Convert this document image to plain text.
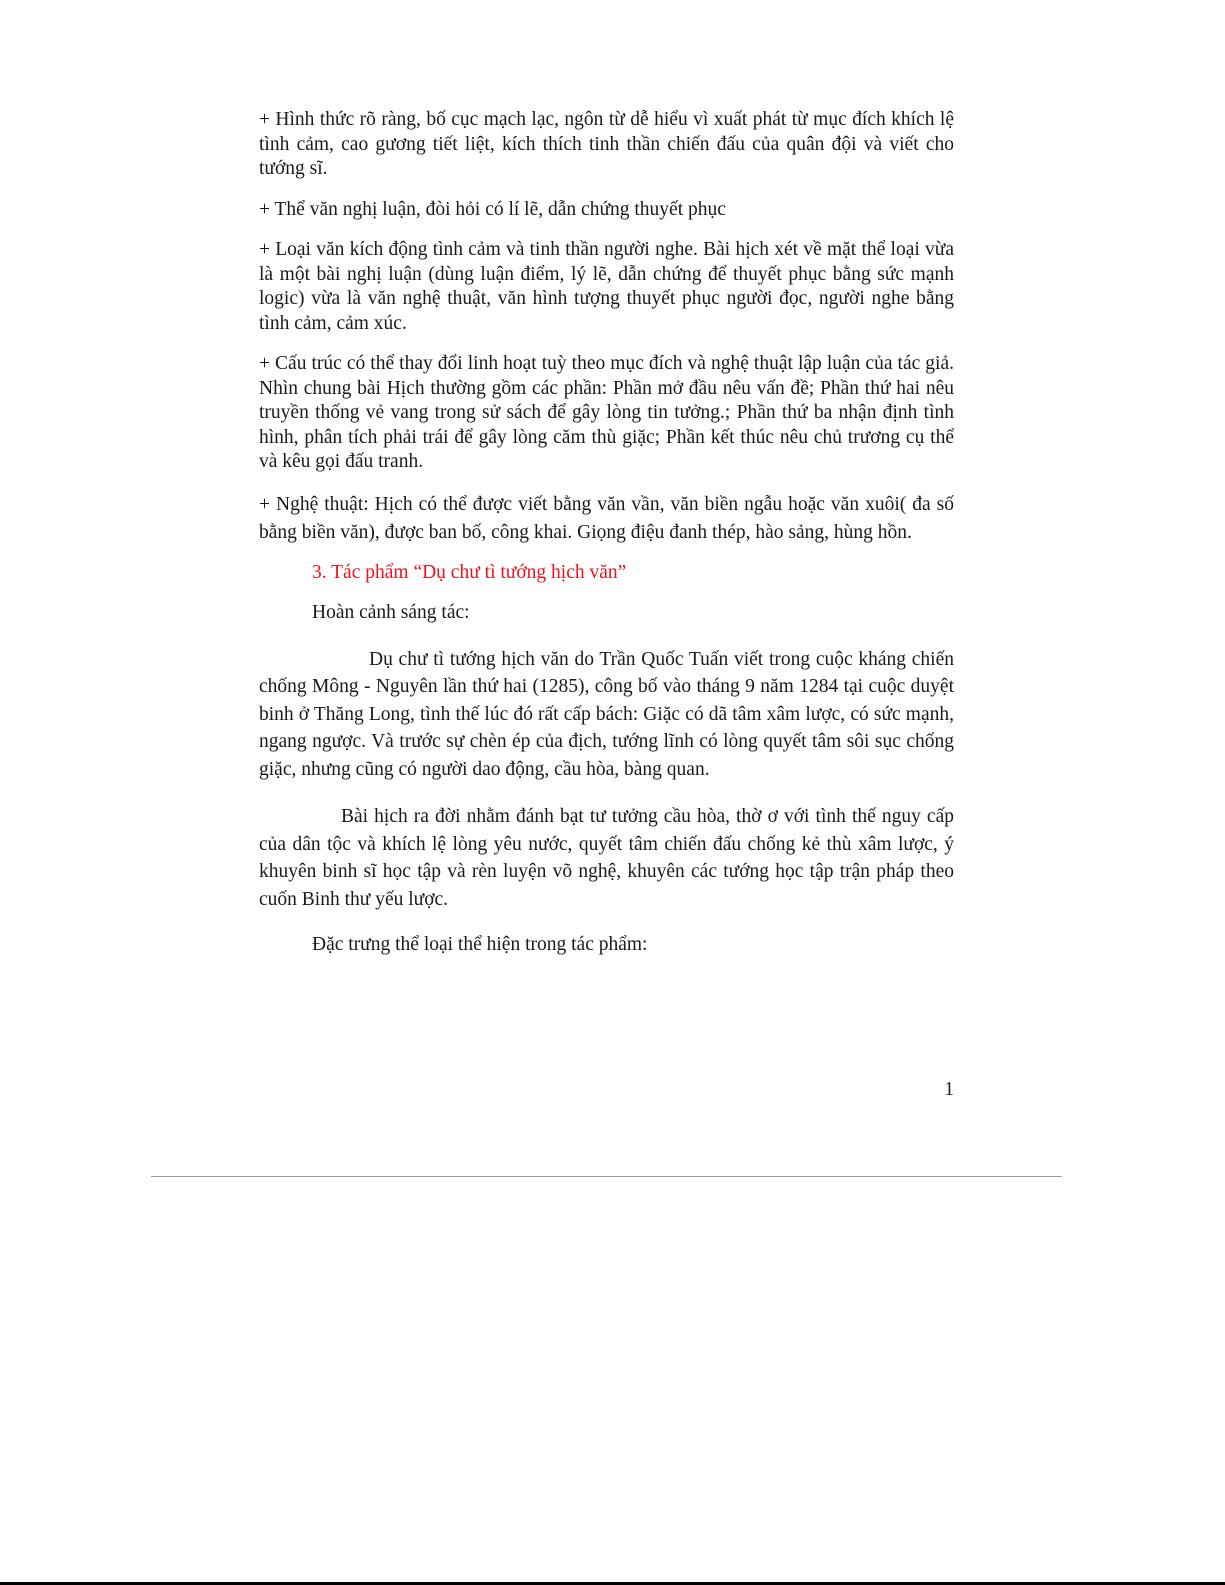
+ Hình thức rõ ràng, bố cục mạch lạc, ngôn từ dễ hiểu vì xuất phát từ mục đích khích lệ tình cảm, cao gương tiết liệt, kích thích tinh thần chiến đấu của quân đội và viết cho tướng sĩ.

+ Thể văn nghị luận, đòi hỏi có lí lẽ, dẫn chứng thuyết phục

+ Loại văn kích động tình cảm và tinh thần người nghe. Bài hịch xét về mặt thể loại vừa là một bài nghị luận (dùng luận điểm, lý lẽ, dẫn chứng để thuyết phục bằng sức mạnh logic) vừa là văn nghệ thuật, văn hình tượng thuyết phục người đọc, người nghe bằng tình cảm, cảm xúc.

+ Cấu trúc có thể thay đổi linh hoạt tuỳ theo mục đích và nghệ thuật lập luận của tác giả. Nhìn chung bài Hịch thường gồm các phần: Phần mở đầu nêu vấn đề; Phần thứ hai nêu truyền thống vẻ vang trong sử sách để gây lòng tin tưởng.; Phần thứ ba nhận định tình hình, phân tích phải trái để gây lòng căm thù giặc; Phần kết thúc nêu chủ trương cụ thể và kêu gọi đấu tranh.

+ Nghệ thuật: Hịch có thể được viết bằng văn vần, văn biền ngẫu hoặc văn xuôi( đa số bằng biền văn), được ban bố, công khai. Giọng điệu đanh thép, hào sảng, hùng hồn.

3. Tác phẩm “Dụ chư tì tướng hịch văn”

Hoàn cảnh sáng tác:

Dụ chư tì tướng hịch văn do Trần Quốc Tuấn viết trong cuộc kháng chiến chống Mông - Nguyên lần thứ hai (1285), công bố vào tháng 9 năm 1284 tại cuộc duyệt binh ở Thăng Long, tình thế lúc đó rất cấp bách: Giặc có dã tâm xâm lược, có sức mạnh, ngang ngược. Và trước sự chèn ép của địch, tướng lĩnh có lòng quyết tâm sôi sục chống giặc, nhưng cũng có người dao động, cầu hòa, bàng quan.

Bài hịch ra đời nhằm đánh bạt tư tưởng cầu hòa, thờ ơ với tình thế nguy cấp của dân tộc và khích lệ lòng yêu nước, quyết tâm chiến đấu chống kẻ thù xâm lược, ý khuyên binh sĩ học tập và rèn luyện võ nghệ, khuyên các tướng học tập trận pháp theo cuốn Binh thư yếu lược.

Đặc trưng thể loại thể hiện trong tác phẩm:

1
